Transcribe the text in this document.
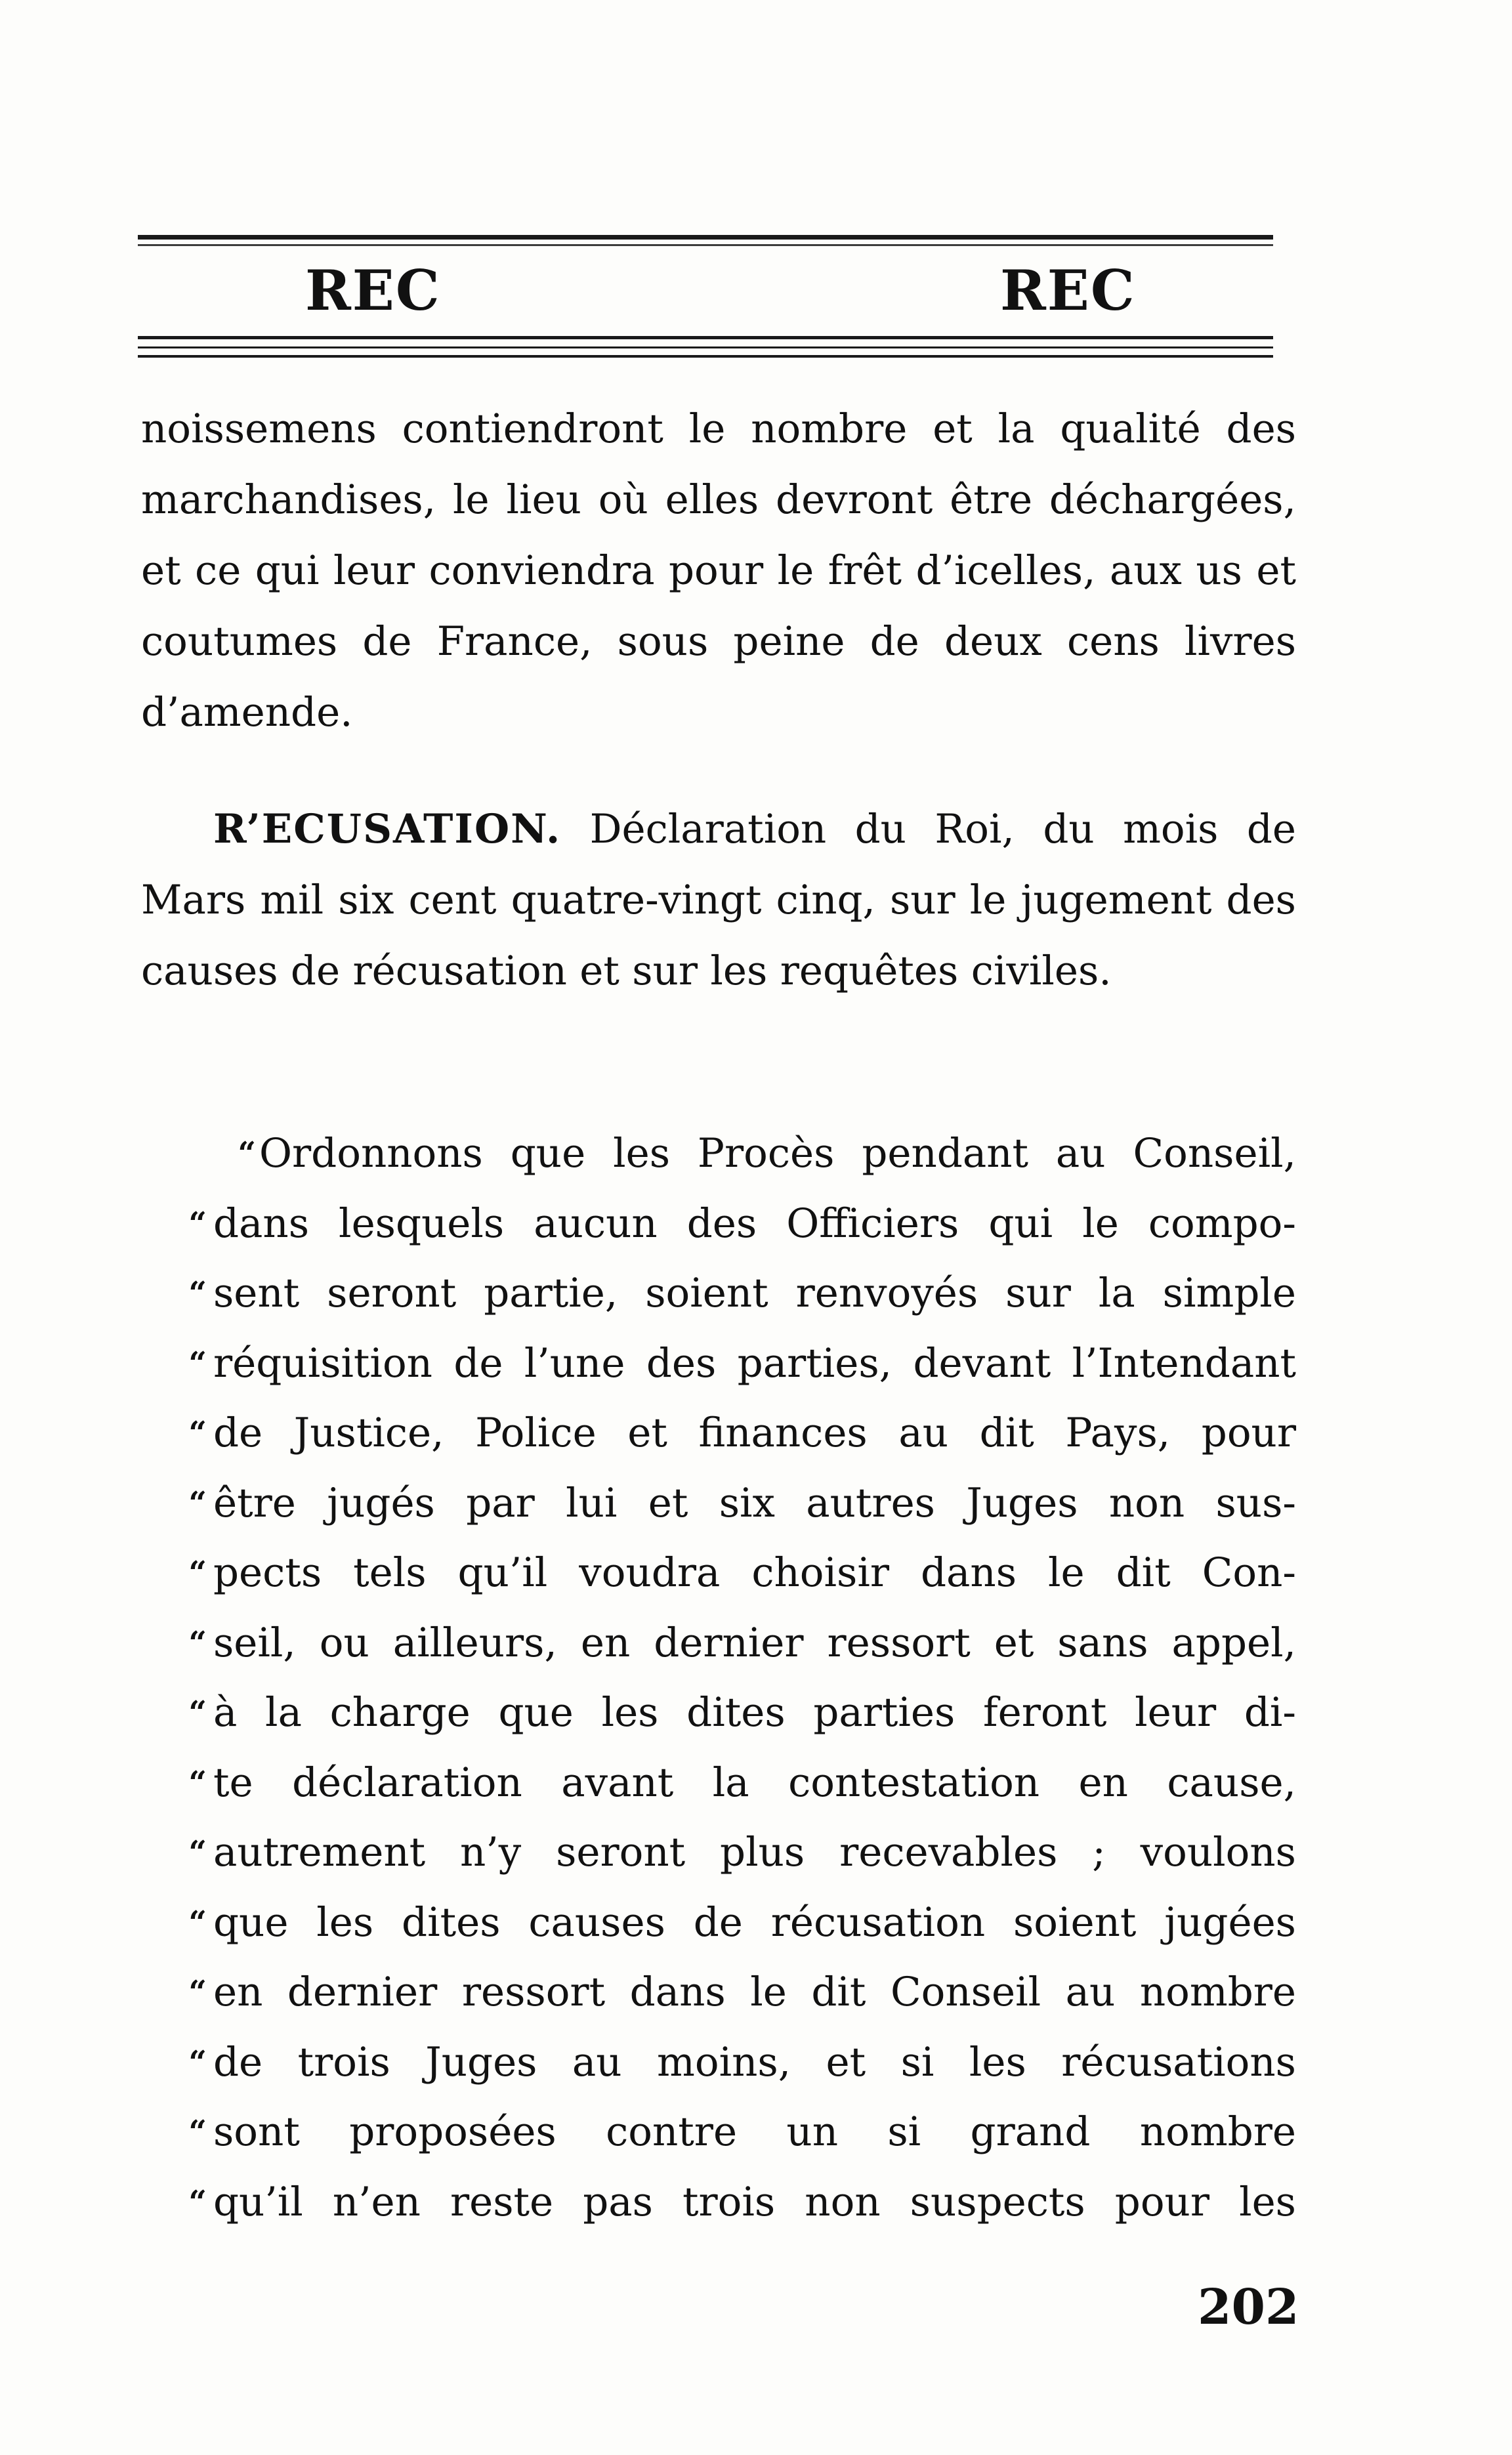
REC	REC

noissemens contiendront le nombre et la qualité des marchandises, le lieu où elles devront être déchargées, et ce qui leur conviendra pour le frêt d’icelles, aux us et coutumes de France, sous peine de deux cens livres d’amende.

R’ECUSATION. Déclaration du Roi, du mois de Mars mil six cent quatre-vingt cinq, sur le jugement des causes de récusation et sur les requêtes civiles.

“ Ordonnons que les Procès pendant au Conseil,
“ dans lesquels aucun des Officiers qui le compo-
“ sent seront partie, soient renvoyés sur la simple
“ réquisition de l’une des parties, devant l’Intendant
“ de Justice, Police et finances au dit Pays, pour
“ être jugés par lui et six autres Juges non sus-
“ pects tels qu’il voudra choisir dans le dit Con-
“ seil, ou ailleurs, en dernier ressort et sans appel,
“ à la charge que les dites parties feront leur di-
“ te déclaration avant la contestation en cause,
“ autrement n’y seront plus recevables ; voulons
“ que les dites causes de récusation soient jugées
“ en dernier ressort dans le dit Conseil au nombre
“ de trois Juges au moins, et si les récusations
“ sont proposées contre un si grand nombre
“ qu’il n’en reste pas trois non suspects pour les
202
